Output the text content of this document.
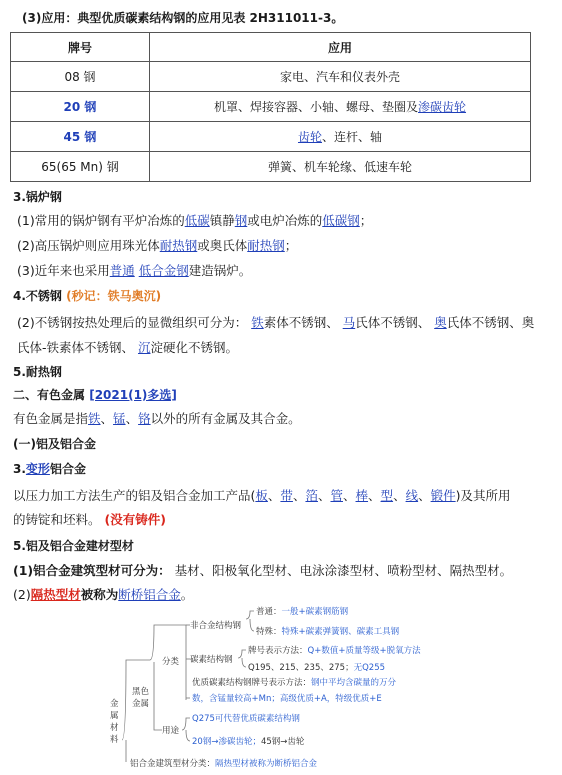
(3)应用：典型优质碳素结构钢的应用见表 2H311011-3。
牌号	应用
08 钢	家电、汽车和仪表外壳
20 钢	机罩、焊接容器、小轴、螺母、垫圈及渗碳齿轮
45 钢	齿轮、连杆、轴
65(65 Mn) 钢	弹簧、机车轮缘、低速车轮
3.锅炉钢
(1)常用的锅炉钢有平炉冶炼的低碳镇静钢或电炉冶炼的低碳钢；
(2)高压锅炉则应用珠光体耐热钢或奥氏体耐热钢；
(3)近年来也采用普通 低合金钢建造锅炉。
4.不锈钢 (秒记：铁马奥沉)
(2)不锈钢按热处理后的显微组织可分为： 铁素体不锈钢、 马氏体不锈钢、 奥氏体不锈钢、奥
氏体-铁素体不锈钢、 沉淀硬化不锈钢。
5.耐热钢
二、有色金属 [2021(1)多选]
有色金属是指铁、锰、铬以外的所有金属及其合金。
(一)铝及铝合金
3.变形铝合金
以压力加工方法生产的铝及铝合金加工产品(板、带、箔、管、棒、型、线、锻件)及其所用
的铸锭和坯料。 (没有铸件)
5.铝及铝合金建材型材
(1)铝合金建筑型材可分为： 基材、阳极氧化型材、电泳涂漆型材、喷粉型材、隔热型材。
(2)隔热型材被称为断桥铝合金。
金 属 材 料
黑色 金属
分类
用途
非合金结构钢
普通：一般+碳素钢筋钢
特殊：特殊+碳素弹簧钢、碳素工具钢
碳素结构钢
牌号表示方法：Q+数值+质量等级+脱氧方法
Q195、215、235、275；无Q255
优质碳素结构钢牌号表示方法：钢中平均含碳量的万分
数，含锰量较高+Mn；高级优质+A，特级优质+E
Q275可代替优质碳素结构钢
20钢→渗碳齿轮；45钢→齿轮
铝合金建筑型材分类：隔热型材被称为断桥铝合金
